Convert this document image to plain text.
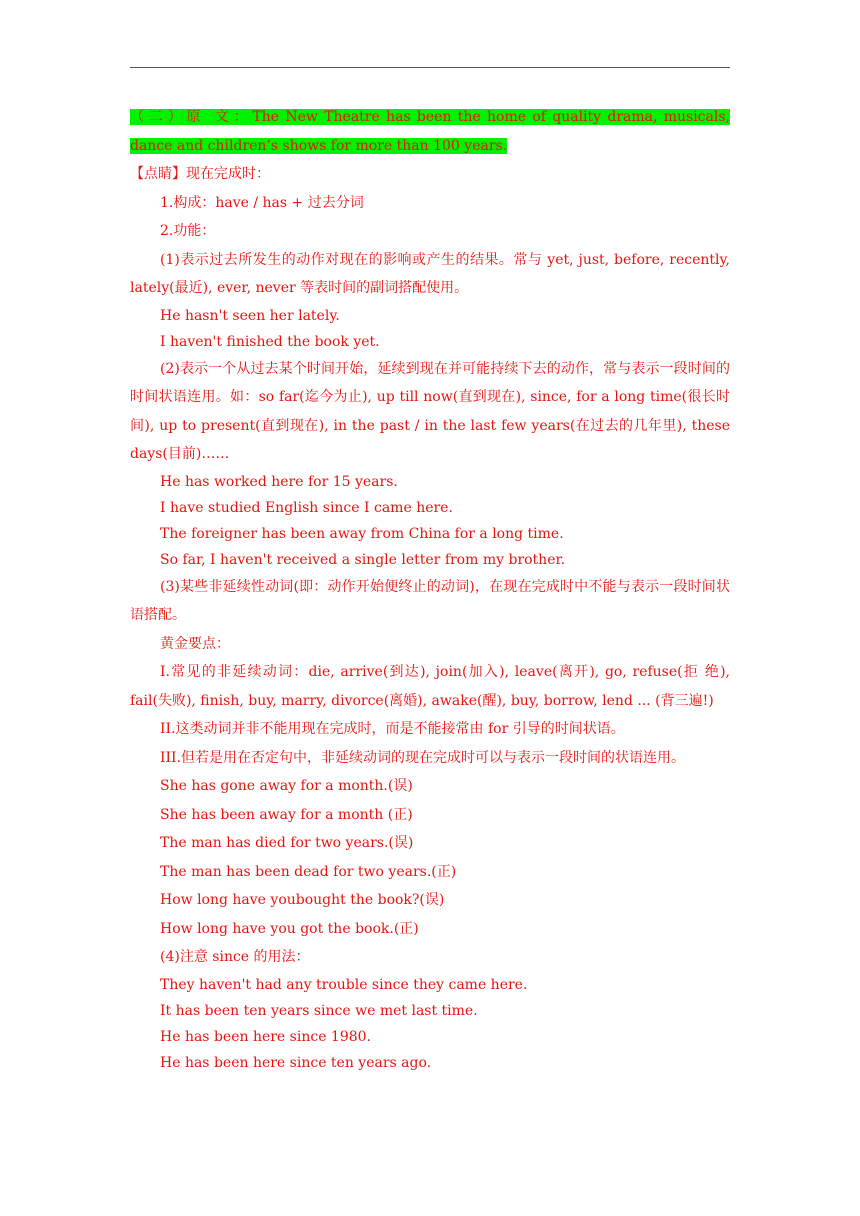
（二）原 文：The New Theatre has been the home of quality drama, musicals, dance and children’s shows for more than 100 years.

【点睛】现在完成时：

1.构成：have / has + 过去分词

2.功能：

(1)表示过去所发生的动作对现在的影响或产生的结果。常与 yet, just, before, recently, lately(最近), ever, never 等表时间的副词搭配使用。

He hasn't seen her lately.

I haven't finished the book yet.

(2)表示一个从过去某个时间开始，延续到现在并可能持续下去的动作，常与表示一段时间的时间状语连用。如：so far(迄今为止), up till now(直到现在), since, for a long time(很长时间), up to present(直到现在), in the past / in the last few years(在过去的几年里), these days(目前)……

He has worked here for 15 years.

I have studied English since I came here.

The foreigner has been away from China for a long time.

So far, I haven't received a single letter from my brother.

(3)某些非延续性动词(即：动作开始便终止的动词)，在现在完成时中不能与表示一段时间状语搭配。

黄金要点：

I.常见的非延续动词：die, arrive(到达), join(加入), leave(离开), go, refuse(拒 绝), fail(失败), finish, buy, marry, divorce(离婚), awake(醒), buy, borrow, lend ... (背三遍!)

II.这类动词并非不能用现在完成时，而是不能接常由 for 引导的时间状语。

III.但若是用在否定句中，非延续动词的现在完成时可以与表示一段时间的状语连用。

She has gone away for a month.(误)

She has been away for a month (正)

The man has died for two years.(误)

The man has been dead for two years.(正)

How long have youbought the book?(误)

How long have you got the book.(正)

(4)注意 since 的用法：

They haven't had any trouble since they came here.

It has been ten years since we met last time.

He has been here since 1980.

He has been here since ten years ago.
